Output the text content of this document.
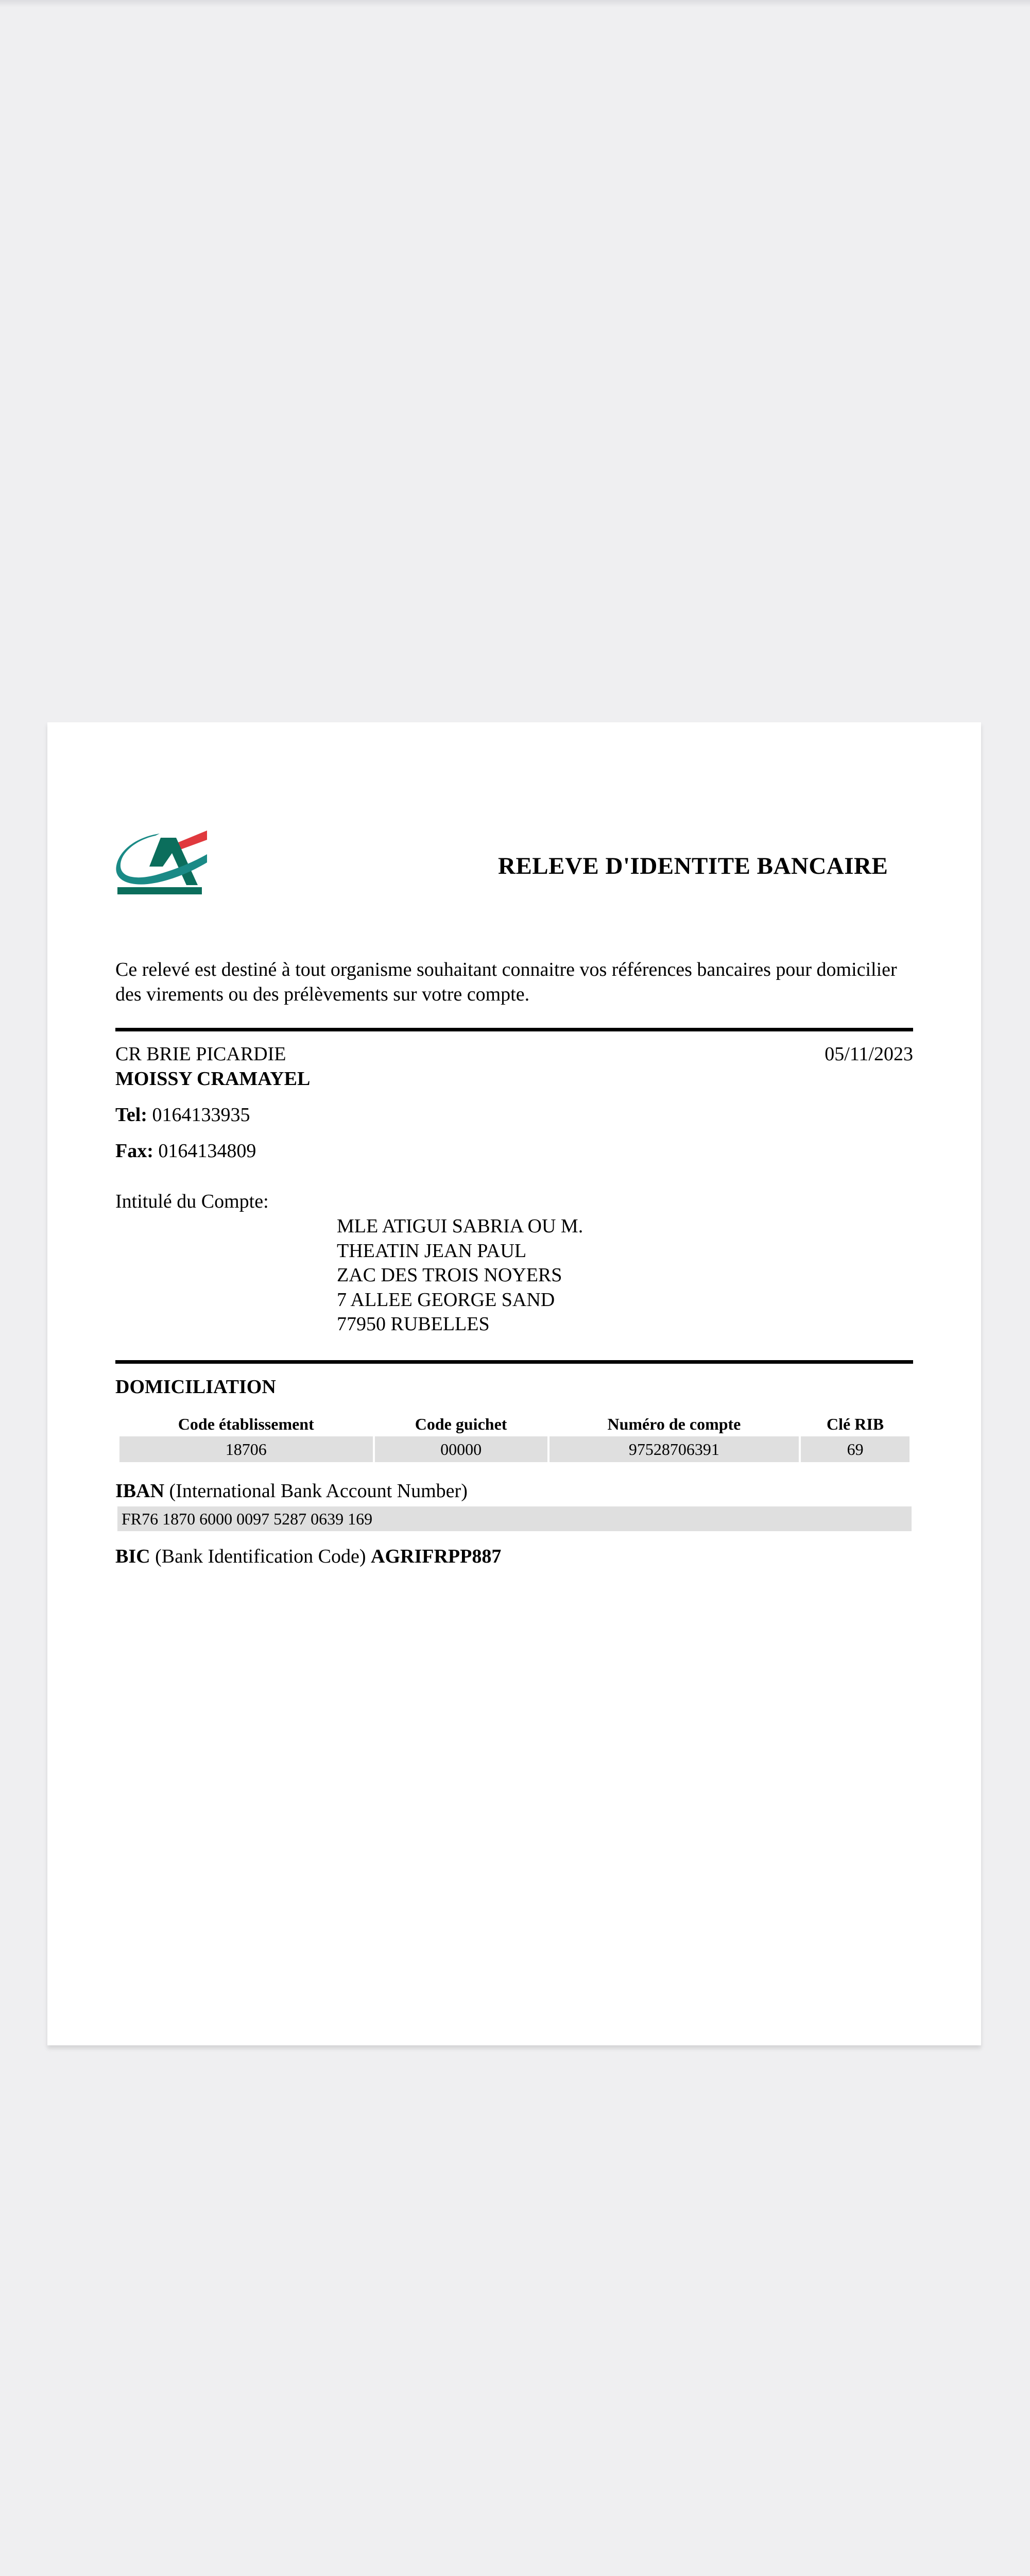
RELEVE D'IDENTITE BANCAIRE
Ce relevé est destiné à tout organisme souhaitant connaitre vos références bancaires pour domicilier des virements ou des prélèvements sur votre compte.
CR BRIE PICARDIE	05/11/2023
MOISSY CRAMAYEL
Tel: 0164133935
Fax: 0164134809
Intitulé du Compte:
MLE ATIGUI SABRIA OU M.
THEATIN JEAN PAUL
ZAC DES TROIS NOYERS
7 ALLEE GEORGE SAND
77950 RUBELLES
DOMICILIATION
Code établissement	Code guichet	Numéro de compte	Clé RIB
18706	00000	97528706391	69
IBAN (International Bank Account Number)
FR76 1870 6000 0097 5287 0639 169
BIC (Bank Identification Code) AGRIFRPP887
